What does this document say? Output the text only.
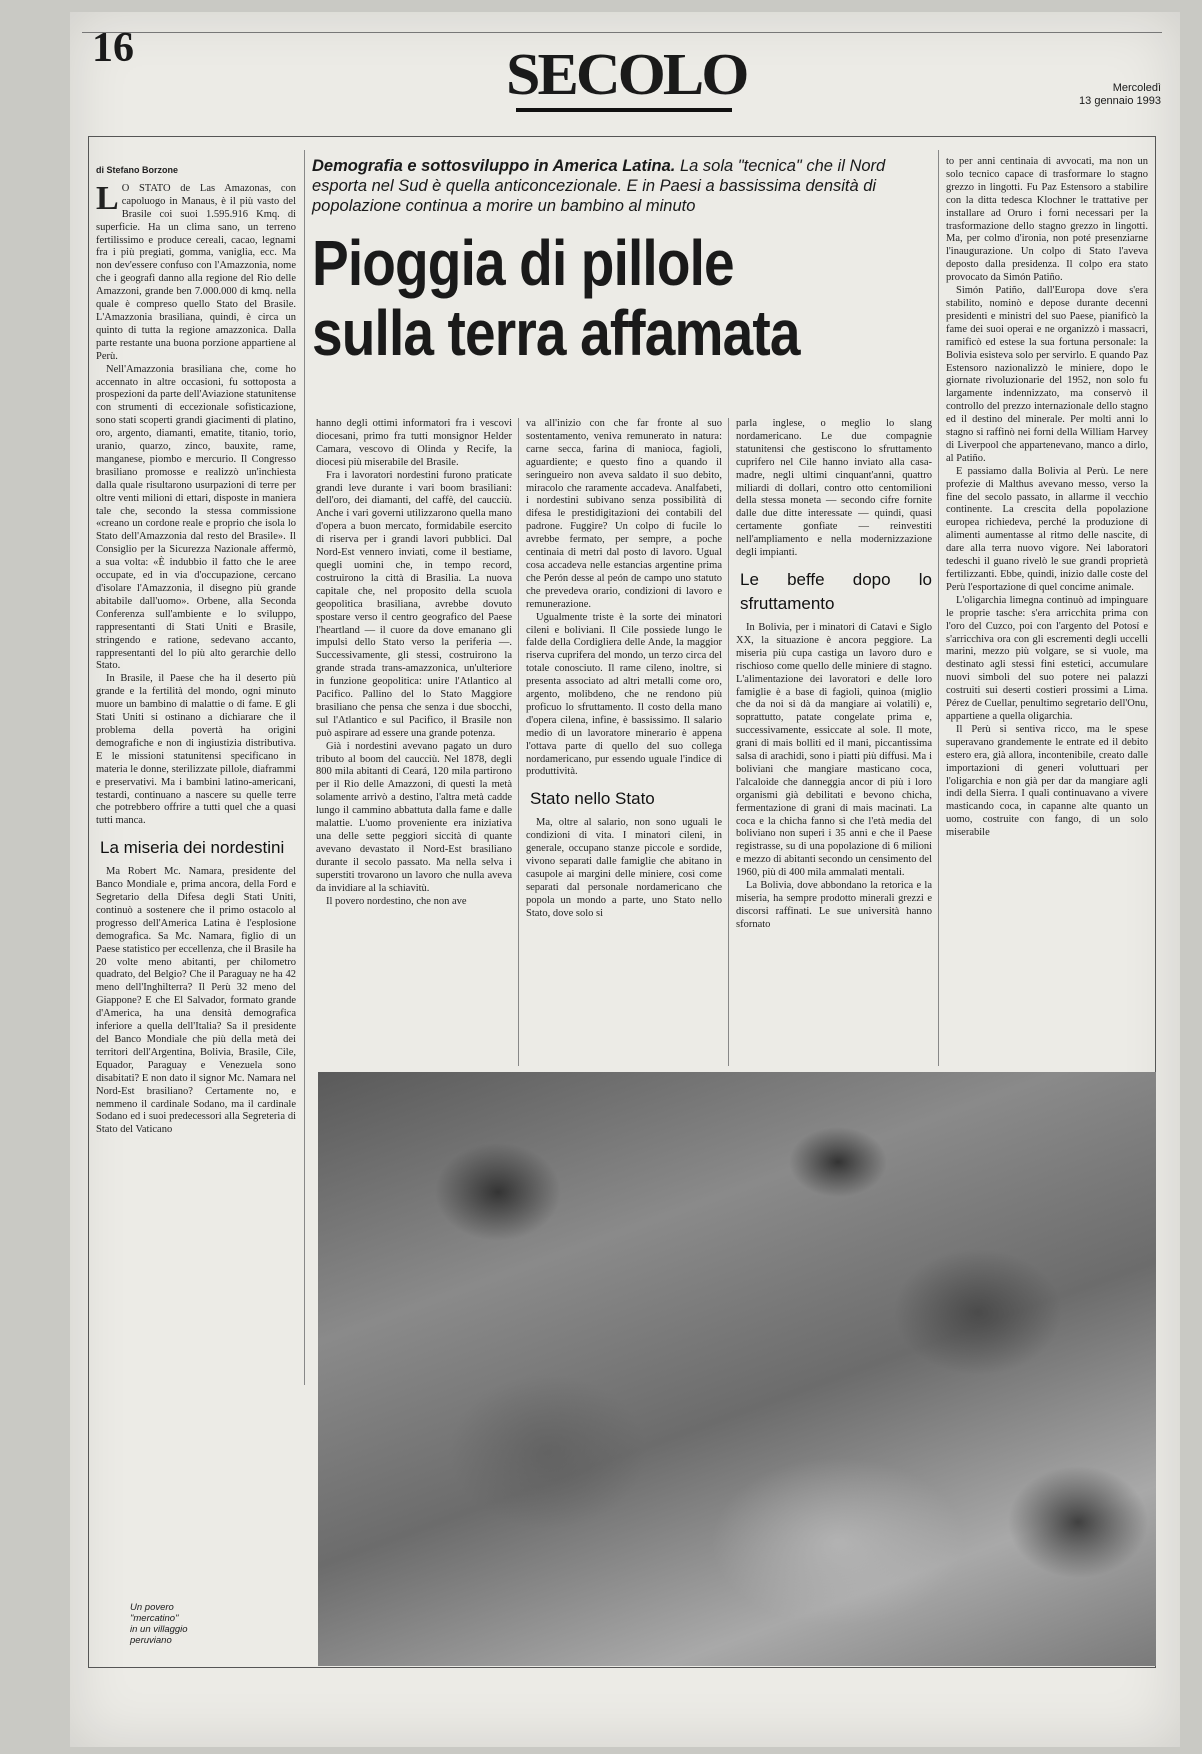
16	SECOLO	Mercoledì
13 gennaio 1993
di Stefano Borzone

L O STATO de Las Amazonas, con capoluogo in Manaus, è il più vasto del Brasile coi suoi 1.595.916 Kmq. di superficie. Ha un clima sano, un terreno fertilissimo e produce cereali, cacao, legnami fra i più pregiati, gomma, vaniglia, ecc. Ma non dev'essere confuso con l'Amazzonia, nome che i geografi danno alla regione del Rio delle Amazzoni, grande ben 7.000.000 di kmq. nella quale è compreso quello Stato del Brasile. L'Amazzonia brasiliana, quindi, è circa un quinto di tutta la regione amazzonica. Dalla parte restante una buona porzione appartiene al Perù.

Nell'Amazzonia brasiliana che, come ho accennato in altre occasioni, fu sottoposta a prospezioni da parte dell'Aviazione statunitense con strumenti di eccezionale sofisticazione, sono stati scoperti grandi giacimenti di platino, oro, argento, diamanti, ematite, titanio, torio, uranio, quarzo, zinco, bauxite, rame, manganese, piombo e mercurio. Il Congresso brasiliano promosse e realizzò un'inchiesta dalla quale risultarono usurpazioni di terre per oltre venti milioni di ettari, disposte in maniera tale che, secondo la stessa commissione «creano un cordone reale e proprio che isola lo Stato dell'Amazzonia dal resto del Brasile». Il Consiglio per la Sicurezza Nazionale affermò, a sua volta: «È indubbio il fatto che le aree occupate, ed in via d'occupazione, cercano d'isolare l'Amazzonia, il disegno più grande abitabile dall'uomo». Orbene, alla Seconda Conferenza sull'ambiente e lo sviluppo, rappresentanti di Stati Uniti e Brasile, stringendo e ratione, sedevano accanto, rappresentanti del lo più alto gerarchie dello Stato.

In Brasile, il Paese che ha il deserto più grande e la fertilità del mondo, ogni minuto muore un bambino di malattie o di fame. E gli Stati Uniti si ostinano a dichiarare che il problema della povertà ha origini demografiche e non di ingiustizia distributiva. E le missioni statunitensi specificano in materia le donne, sterilizzate pillole, diaframmi e preservativi. Ma i bambini latino-americani, testardi, continuano a nascere su quelle terre che potrebbero offrire a tutti quel che a quasi tutti manca.

La miseria dei nordestini

Ma Robert Mc. Namara, presidente del Banco Mondiale e, prima ancora, della Ford e Segretario della Difesa degli Stati Uniti, continuò a sostenere che il primo ostacolo al progresso dell'America Latina è l'esplosione demografica. Sa Mc. Namara, figlio di un Paese statistico per eccellenza, che il Brasile ha 20 volte meno abitanti, per chilometro quadrato, del Belgio? Che il Paraguay ne ha 42 meno dell'Inghilterra? Il Perù 32 meno del Giappone? E che El Salvador, formato grande d'America, ha una densità demografica inferiore a quella dell'Italia? Sa il presidente del Banco Mondiale che più della metà dei territori dell'Argentina, Bolivia, Brasile, Cile, Equador, Paraguay e Venezuela sono disabitati? E non dato il signor Mc. Namara nel Nord-Est brasiliano? Certamente no, e nemmeno il cardinale Sodano, ma il cardinale Sodano ed i suoi predecessori alla Segreteria di Stato del Vaticano

Demografia e sottosviluppo in America Latina. La sola "tecnica" che il Nord esporta nel Sud è quella anticoncezionale. E in Paesi a bassissima densità di popolazione continua a morire un bambino al minuto
Pioggia di pillole
sulla terra affamata

hanno degli ottimi informatori fra i vescovi diocesani, primo fra tutti monsignor Helder Camara, vescovo di Olinda y Recife, la diocesi più miserabile del Brasile.

Fra i lavoratori nordestini furono praticate grandi leve durante i vari boom brasiliani: dell'oro, dei diamanti, del caffè, del caucciù. Anche i vari governi utilizzarono quella mano d'opera a buon mercato, formidabile esercito di riserva per i grandi lavori pubblici. Dal Nord-Est vennero inviati, come il bestiame, quegli uomini che, in tempo record, costruirono la città di Brasilia. La nuova capitale che, nel proposito della scuola geopolitica brasiliana, avrebbe dovuto spostare verso il centro geografico del Paese l'heartland — il cuore da dove emanano gli impulsi dello Stato verso la periferia —. Successivamente, gli stessi, costruirono la grande strada trans-amazzonica, un'ulteriore in funzione geopolitica: unire l'Atlantico al Pacifico. Pallino del lo Stato Maggiore brasiliano che pensa che senza i due sbocchi, sul l'Atlantico e sul Pacifico, il Brasile non può aspirare ad essere una grande potenza.

Già i nordestini avevano pagato un duro tributo al boom del caucciù. Nel 1878, degli 800 mila abitanti di Ceará, 120 mila partirono per il Rio delle Amazzoni, di questi la metà solamente arrivò a destino, l'altra metà cadde lungo il cammino abbattuta dalla fame e dalle malattie. L'uomo proveniente era iniziativa una delle sette peggiori siccità di quante avevano devastato il Nord-Est brasiliano durante il secolo passato. Ma nella selva i superstiti trovarono un lavoro che nulla aveva da invidiare al la schiavitù.

Il povero nordestino, che non ave

va all'inizio con che far fronte al suo sostentamento, veniva remunerato in natura: carne secca, farina di manioca, fagioli, aguardiente; e questo fino a quando il seringueiro non aveva saldato il suo debito, miracolo che raramente accadeva. Analfabeti, i nordestini subivano senza possibilità di difesa le prestidigitazioni dei contabili del padrone. Fuggire? Un colpo di fucile lo avrebbe fermato, per sempre, a poche centinaia di metri dal posto di lavoro. Ugual cosa accadeva nelle estancias argentine prima che Perón desse al peón de campo uno statuto che prevedeva orario, condizioni di lavoro e remunerazione.

Ugualmente triste è la sorte dei minatori cileni e boliviani. Il Cile possiede lungo le falde della Cordigliera delle Ande, la maggior riserva cuprifera del mondo, un terzo circa del totale conosciuto. Il rame cileno, inoltre, si presenta associato ad altri metalli come oro, argento, molibdeno, che ne rendono più proficuo lo sfruttamento. Il costo della mano d'opera cilena, infine, è bassissimo. Il salario medio di un lavoratore minerario è appena l'ottava parte di quello del suo collega nordamericano, pur essendo uguale l'indice di produttività.

Stato nello Stato

Ma, oltre al salario, non sono uguali le condizioni di vita. I minatori cileni, in generale, occupano stanze piccole e sordide, vivono separati dalle famiglie che abitano in casupole ai margini delle miniere, così come separati dal personale nordamericano che popola un mondo a parte, uno Stato nello Stato, dove solo si

parla inglese, o meglio lo slang nordamericano. Le due compagnie statunitensi che gestiscono lo sfruttamento cuprifero nel Cile hanno inviato alla casa-madre, negli ultimi cinquant'anni, quattro miliardi di dollari, contro otto centomilioni della stessa moneta — secondo cifre fornite dalle due ditte interessate — quindi, quasi certamente gonfiate — reinvestiti nell'ampliamento e nella modernizzazione degli impianti.

Le beffe dopo lo sfruttamento

In Bolivia, per i minatori di Catavi e Siglo XX, la situazione è ancora peggiore. La miseria più cupa castiga un lavoro duro e rischioso come quello delle miniere di stagno. L'alimentazione dei lavoratori e delle loro famiglie è a base di fagioli, quinoa (miglio che da noi si dà da mangiare ai volatili) e, soprattutto, patate congelate prima e, successivamente, essiccate al sole. Il mote, grani di mais bolliti ed il mani, piccantissima salsa di arachidi, sono i piatti più diffusi. Ma i boliviani che mangiare masticano coca, l'alcaloide che danneggia ancor di più i loro organismi già debilitati e bevono chicha, fermentazione di grani di mais macinati. La coca e la chicha fanno sì che l'età media del boliviano non superi i 35 anni e che il Paese registrasse, su di una popolazione di 6 milioni e mezzo di abitanti secondo un censimento del 1960, più di 400 mila ammalati mentali.

La Bolivia, dove abbondano la retorica e la miseria, ha sempre prodotto minerali grezzi e discorsi raffinati. Le sue università hanno sfornato

to per anni centinaia di avvocati, ma non un solo tecnico capace di trasformare lo stagno grezzo in lingotti. Fu Paz Estensoro a stabilire con la ditta tedesca Klochner le trattative per installare ad Oruro i forni necessari per la trasformazione dello stagno grezzo in lingotti. Ma, per colmo d'ironia, non poté presenziarne l'inaugurazione. Un colpo di Stato l'aveva deposto dalla presidenza. Il colpo era stato provocato da Simón Patiño.

Simón Patiño, dall'Europa dove s'era stabilito, nominò e depose durante decenni presidenti e ministri del suo Paese, pianificò la fame dei suoi operai e ne organizzò i massacri, ramificò ed estese la sua fortuna personale: la Bolivia esisteva solo per servirlo. E quando Paz Estensoro nazionalizzò le miniere, dopo le giornate rivoluzionarie del 1952, non solo fu largamente indennizzato, ma conservò il controllo del prezzo internazionale dello stagno ed il destino del minerale. Per molti anni lo stagno si raffinò nei forni della William Harvey di Liverpool che appartenevano, manco a dirlo, al Patiño.

E passiamo dalla Bolivia al Perù. Le nere profezie di Malthus avevano messo, verso la fine del secolo passato, in allarme il vecchio continente. La crescita della popolazione europea richiedeva, perché la produzione di alimenti aumentasse al ritmo delle nascite, di dare alla terra nuovo vigore. Nei laboratori tedeschi il guano rivelò le sue grandi proprietà fertilizzanti. Ebbe, quindi, inizio dalle coste del Perù l'esportazione di quel concime animale.

L'oligarchia limegna continuò ad impinguare le proprie tasche: s'era arricchita prima con l'oro del Cuzco, poi con l'argento del Potosí e s'arricchiva ora con gli escrementi degli uccelli marini, mezzo più volgare, se si vuole, ma destinato agli stessi fini estetici, accumulare nuovi simboli del suo potere nei palazzi costruiti sui deserti costieri prossimi a Lima. Pérez de Cuellar, penultimo segretario dell'Onu, appartiene a quella oligarchia.

Il Perù si sentiva ricco, ma le spese superavano grandemente le entrate ed il debito estero era, già allora, incontenibile, creato dalle importazioni di generi voluttuari per l'oligarchia e non già per dar da mangiare agli indi della Sierra. I quali continuavano a vivere masticando coca, in capanne alte quanto un uomo, costruite con fango, di un solo miserabile

Un povero
"mercatino"
in un villaggio
peruviano
